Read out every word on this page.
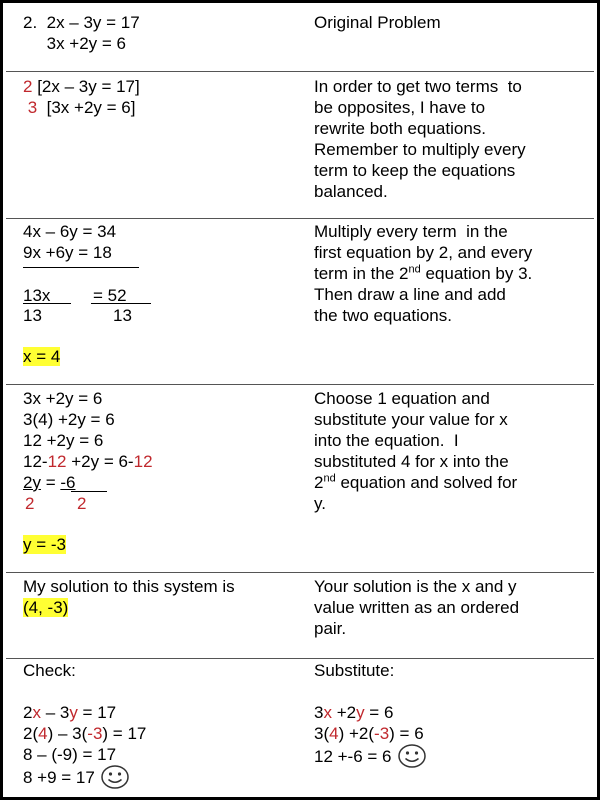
2.  2x – 3y = 17
3x +2y = 6
Original Problem
2 [2x – 3y = 17]
3  [3x +2y = 6]
In order to get two terms  to
be opposites, I have to
rewrite both equations.
Remember to multiply every
term to keep the equations
balanced.
4x – 6y = 34
9x +6y = 18
13x	= 52
13	13
x = 4
Multiply every term  in the
first equation by 2, and every
term in the 2nd equation by 3.
Then draw a line and add
the two equations.
3x +2y = 6
3(4) +2y = 6
12 +2y = 6
12-12 +2y = 6-12
2y = -6
2	2
y = -3
Choose 1 equation and
substitute your value for x
into the equation.  I
substituted 4 for x into the
2nd equation and solved for
y.
My solution to this system is
(4, -3)
Your solution is the x and y
value written as an ordered
pair.
Check:

2x – 3y = 17
2(4) – 3(-3) = 17
8 – (-9) = 17
8 +9 = 17
Substitute:

3x +2y = 6
3(4) +2(-3) = 6
12 +-6 = 6
